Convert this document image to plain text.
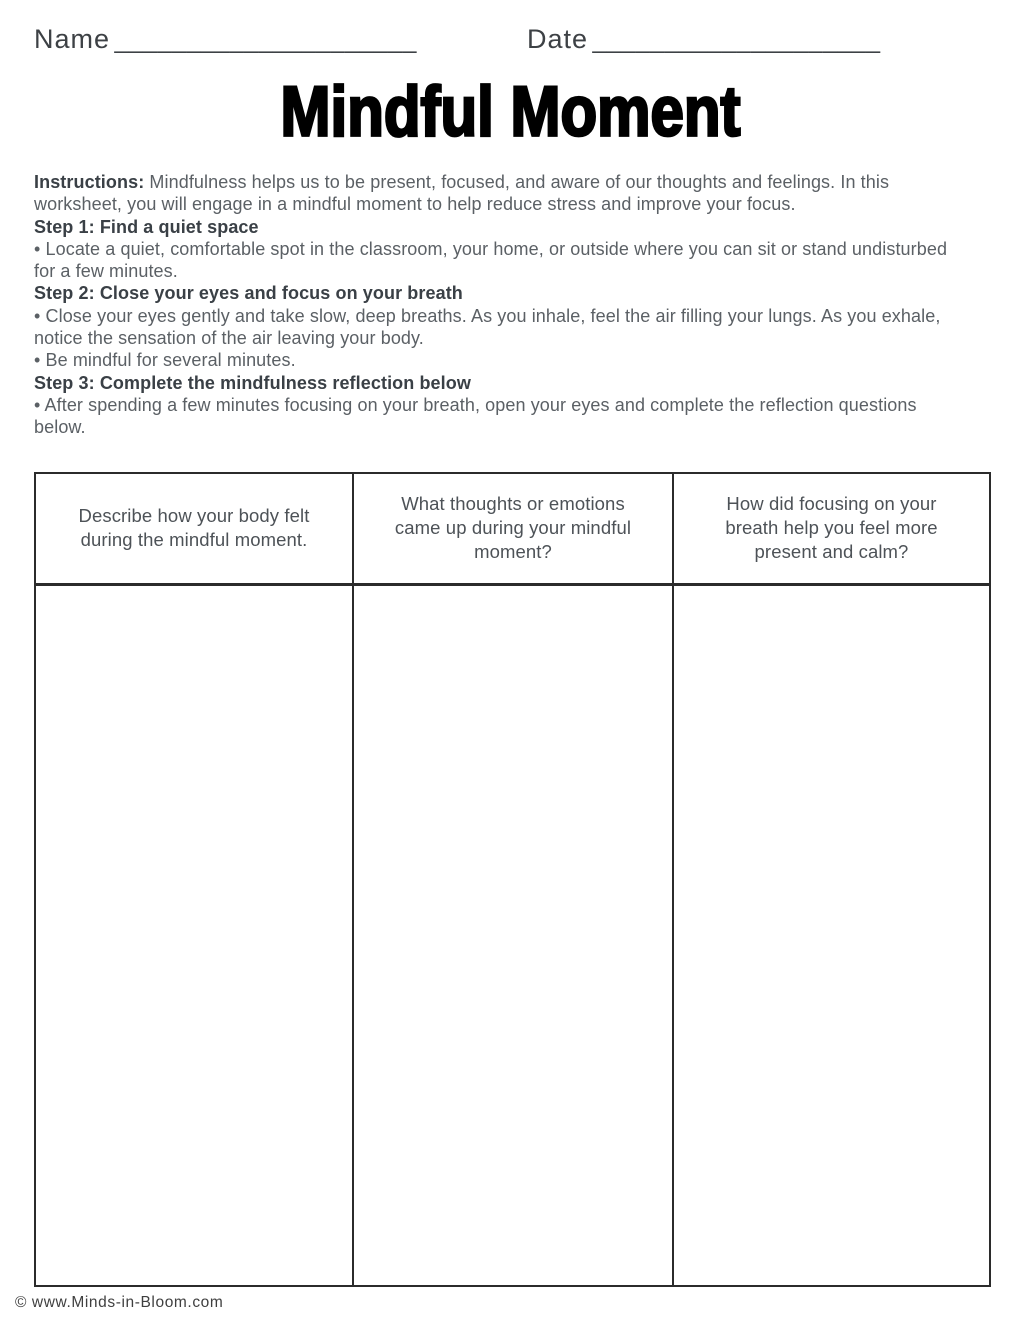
Name _____________________	Date ____________________
Mindful Moment

Instructions: Mindfulness helps us to be present, focused, and aware of our thoughts and feelings. In this worksheet, you will engage in a mindful moment to help reduce stress and improve your focus.

Step 1: Find a quiet space

• Locate a quiet, comfortable spot in the classroom, your home, or outside where you can sit or stand undisturbed for a few minutes.

Step 2: Close your eyes and focus on your breath

• Close your eyes gently and take slow, deep breaths. As you inhale, feel the air filling your lungs. As you exhale, notice the sensation of the air leaving your body.

• Be mindful for several minutes.

Step 3: Complete the mindfulness reflection below

• After spending a few minutes focusing on your breath, open your eyes and complete the reflection questions below.

Describe how your body felt during the mindful moment.	What thoughts or emotions came up during your mindful moment?	How did focusing on your breath help you feel more present and calm?

© www.Minds-in-Bloom.com
